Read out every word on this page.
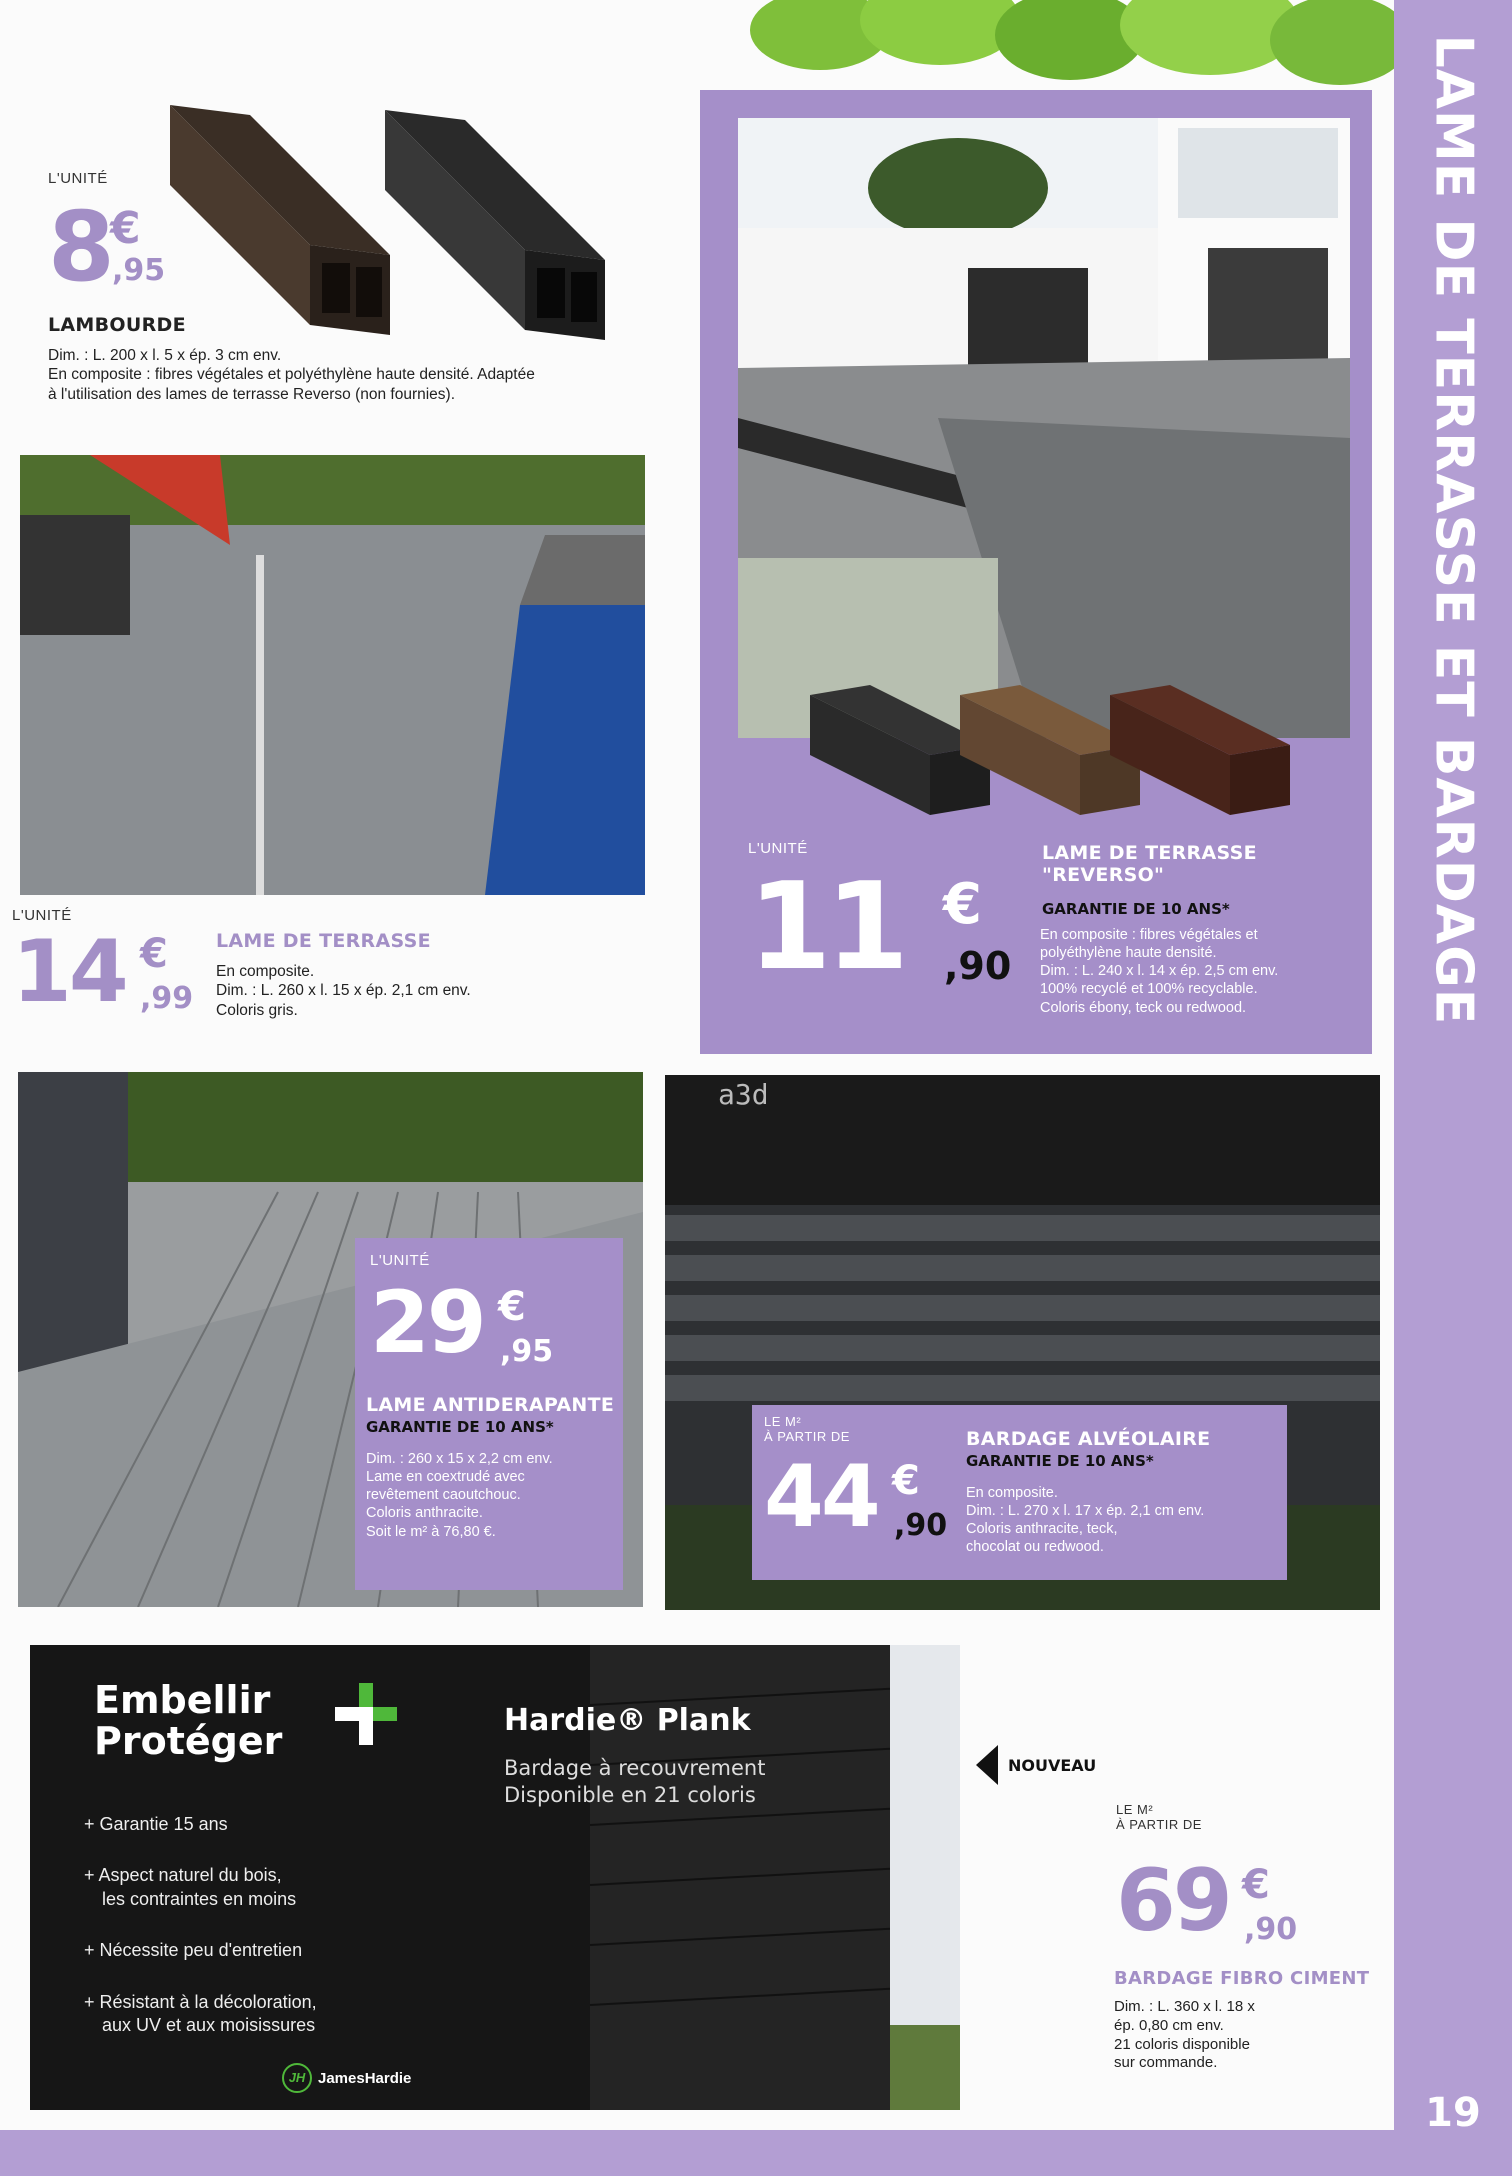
LAME DE TERRASSE ET BARDAGE
19
L'UNITÉ
8
€
,95
LAMBOURDE
Dim. : L. 200 x l. 5 x ép. 3 cm env.
En composite : fibres végétales et polyéthylène haute densité. Adaptée
à l'utilisation des lames de terrasse Reverso (non fournies).
L'UNITÉ
14 €
,99
LAME DE TERRASSE
En composite.
Dim. : L. 260 x l. 15 x ép. 2,1 cm env.
Coloris gris.
L'UNITÉ
11 €
,90
LAME DE TERRASSE
"REVERSO"
GARANTIE DE 10 ANS*
En composite : fibres végétales et
polyéthylène haute densité.
Dim. : L. 240 x l. 14 x ép. 2,5 cm env.
100% recyclé et 100% recyclable.
Coloris ébony, teck ou redwood.
L'UNITÉ
29 €
,95
LAME ANTIDERAPANTE
GARANTIE DE 10 ANS*
Dim. : 260 x 15 x 2,2 cm env.
Lame en coextrudé avec
revêtement caoutchouc.
Coloris anthracite.
Soit le m² à 76,80 €.
a3d
LE M²
À PARTIR DE
44 €
,90
BARDAGE ALVÉOLAIRE
GARANTIE DE 10 ANS*
En composite.
Dim. : L. 270 x l. 17 x ép. 2,1 cm env.
Coloris anthracite, teck,
chocolat ou redwood.
Embellir
Protéger	Hardie® Plank
Bardage à recouvrement
Disponible en 21 coloris
+ Garantie 15 ans
+ Aspect naturel du bois,
les contraintes en moins
+ Nécessite peu d'entretien
+ Résistant à la décoloration,
aux UV et aux moisissures
JH JamesHardie
NOUVEAU
LE M²
À PARTIR DE
69 €
,90
BARDAGE FIBRO CIMENT
Dim. : L. 360 x l. 18 x
ép. 0,80 cm env.
21 coloris disponible
sur commande.
